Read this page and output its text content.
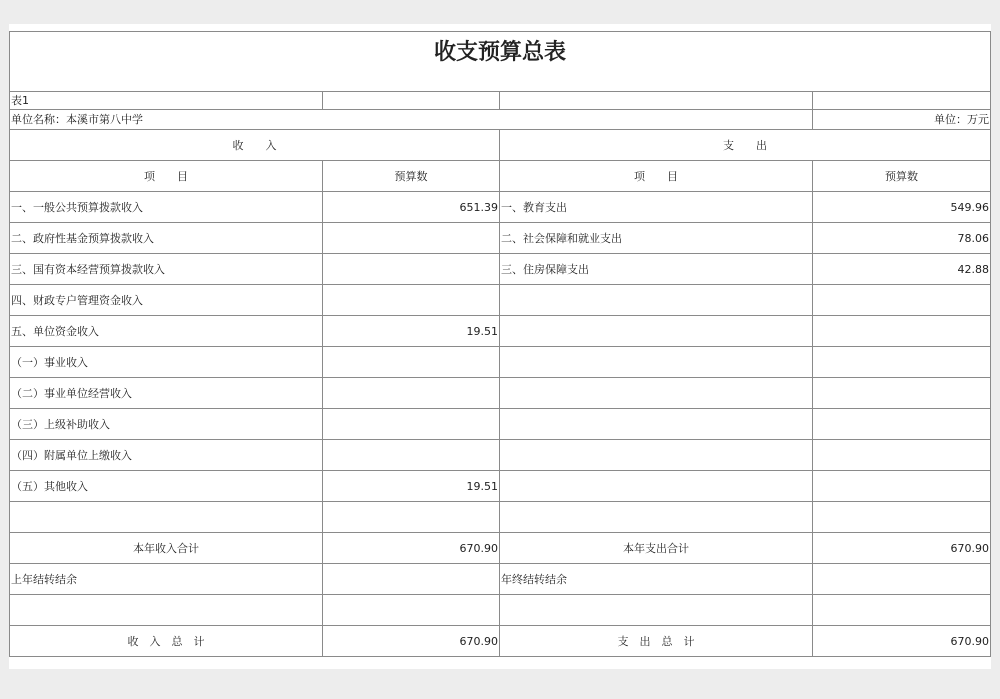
收支预算总表			

表1			
单位名称：本溪市第八中学			单位：万元
收　　入		支　　出	
项　　目	预算数	项　　目	预算数
一、一般公共预算拨款收入	651.39	一、教育支出	549.96
二、政府性基金预算拨款收入		二、社会保障和就业支出	78.06
三、国有资本经营预算拨款收入		三、住房保障支出	42.88
四、财政专户管理资金收入			
五、单位资金收入	19.51		
（一）事业收入			
（二）事业单位经营收入			
（三）上级补助收入			
（四）附属单位上缴收入			
（五）其他收入	19.51		

本年收入合计	670.90	本年支出合计	670.90
上年结转结余		年终结转结余	

收　入　总　计	670.90	支　出　总　计	670.90
